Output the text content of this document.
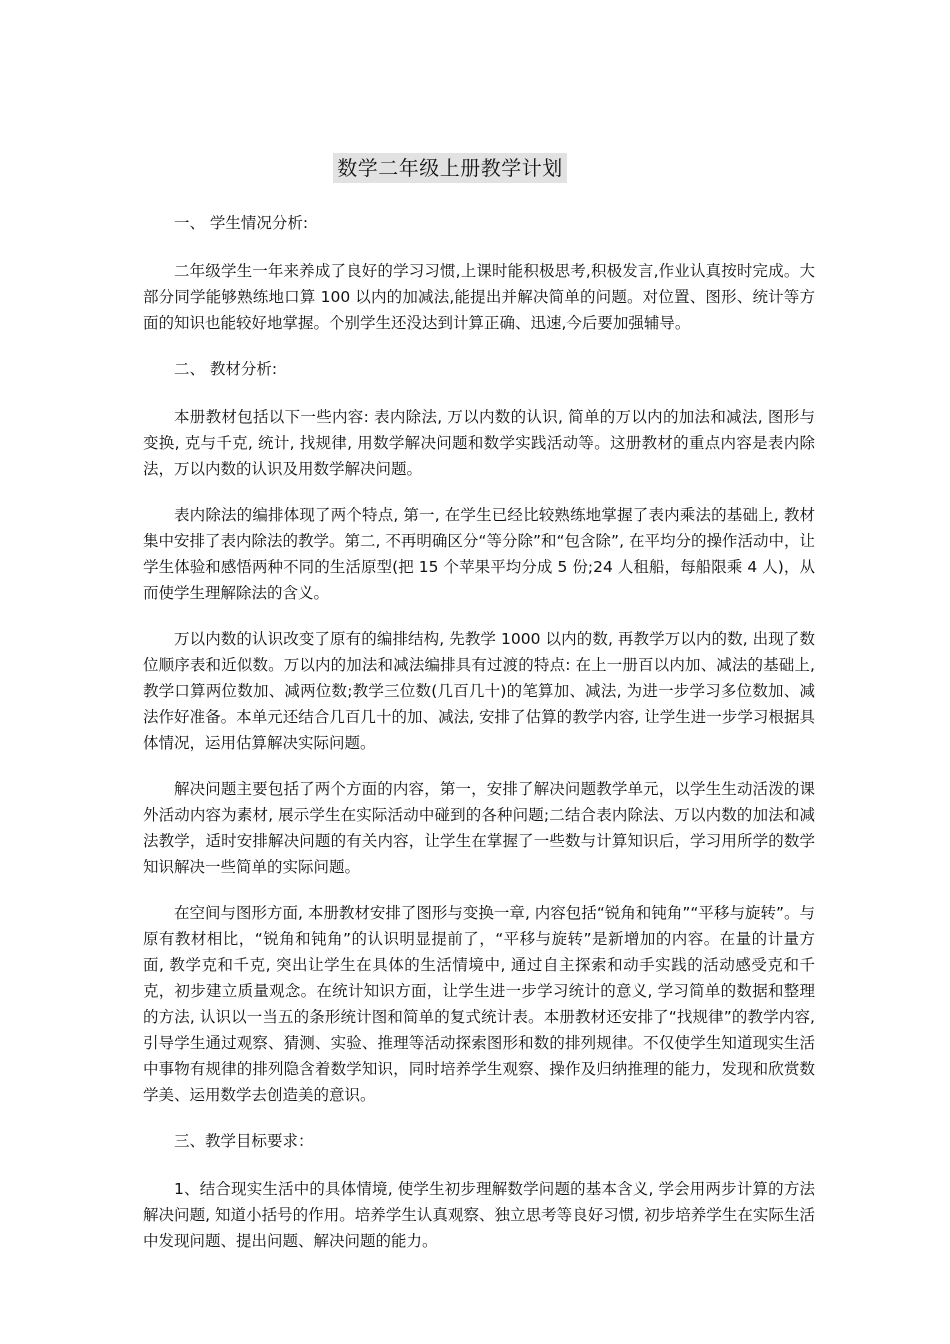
数学二年级上册教学计划

一、 学生情况分析:

二年级学生一年来养成了良好的学习习惯,上课时能积极思考,积极发言,作业认真按时完成。大部分同学能够熟练地口算 100 以内的加减法,能提出并解决简单的问题。对位置、图形、统计等方面的知识也能较好地掌握。个别学生还没达到计算正确、迅速,今后要加强辅导。

二、 教材分析:

本册教材包括以下一些内容: 表内除法, 万以内数的认识, 简单的万以内的加法和减法, 图形与变换, 克与千克, 统计, 找规律, 用数学解决问题和数学实践活动等。这册教材的重点内容是表内除法，万以内数的认识及用数学解决问题。

表内除法的编排体现了两个特点, 第一, 在学生已经比较熟练地掌握了表内乘法的基础上, 教材集中安排了表内除法的教学。第二, 不再明确区分“等分除”和“包含除”, 在平均分的操作活动中，让学生体验和感悟两种不同的生活原型(把 15 个苹果平均分成 5 份;24 人租船，每船限乘 4 人)，从而使学生理解除法的含义。

万以内数的认识改变了原有的编排结构, 先教学 1000 以内的数, 再教学万以内的数, 出现了数位顺序表和近似数。万以内的加法和减法编排具有过渡的特点: 在上一册百以内加、减法的基础上, 教学口算两位数加、减两位数;教学三位数(几百几十)的笔算加、减法, 为进一步学习多位数加、减法作好准备。本单元还结合几百几十的加、减法, 安排了估算的教学内容, 让学生进一步学习根据具体情况，运用估算解决实际问题。

解决问题主要包括了两个方面的内容，第一，安排了解决问题教学单元，以学生生动活泼的课外活动内容为素材, 展示学生在实际活动中碰到的各种问题;二结合表内除法、万以内数的加法和减法教学，适时安排解决问题的有关内容，让学生在掌握了一些数与计算知识后，学习用所学的数学知识解决一些简单的实际问题。

在空间与图形方面, 本册教材安排了图形与变换一章, 内容包括“锐角和钝角”“平移与旋转”。与原有教材相比，“锐角和钝角”的认识明显提前了，“平移与旋转”是新增加的内容。在量的计量方面, 教学克和千克, 突出让学生在具体的生活情境中, 通过自主探索和动手实践的活动感受克和千克，初步建立质量观念。在统计知识方面，让学生进一步学习统计的意义, 学习简单的数据和整理的方法, 认识以一当五的条形统计图和简单的复式统计表。本册教材还安排了“找规律”的教学内容, 引导学生通过观察、猜测、实验、推理等活动探索图形和数的排列规律。不仅使学生知道现实生活中事物有规律的排列隐含着数学知识，同时培养学生观察、操作及归纳推理的能力，发现和欣赏数学美、运用数学去创造美的意识。

三、教学目标要求：

1、结合现实生活中的具体情境, 使学生初步理解数学问题的基本含义, 学会用两步计算的方法解决问题, 知道小括号的作用。培养学生认真观察、独立思考等良好习惯, 初步培养学生在实际生活中发现问题、提出问题、解决问题的能力。
